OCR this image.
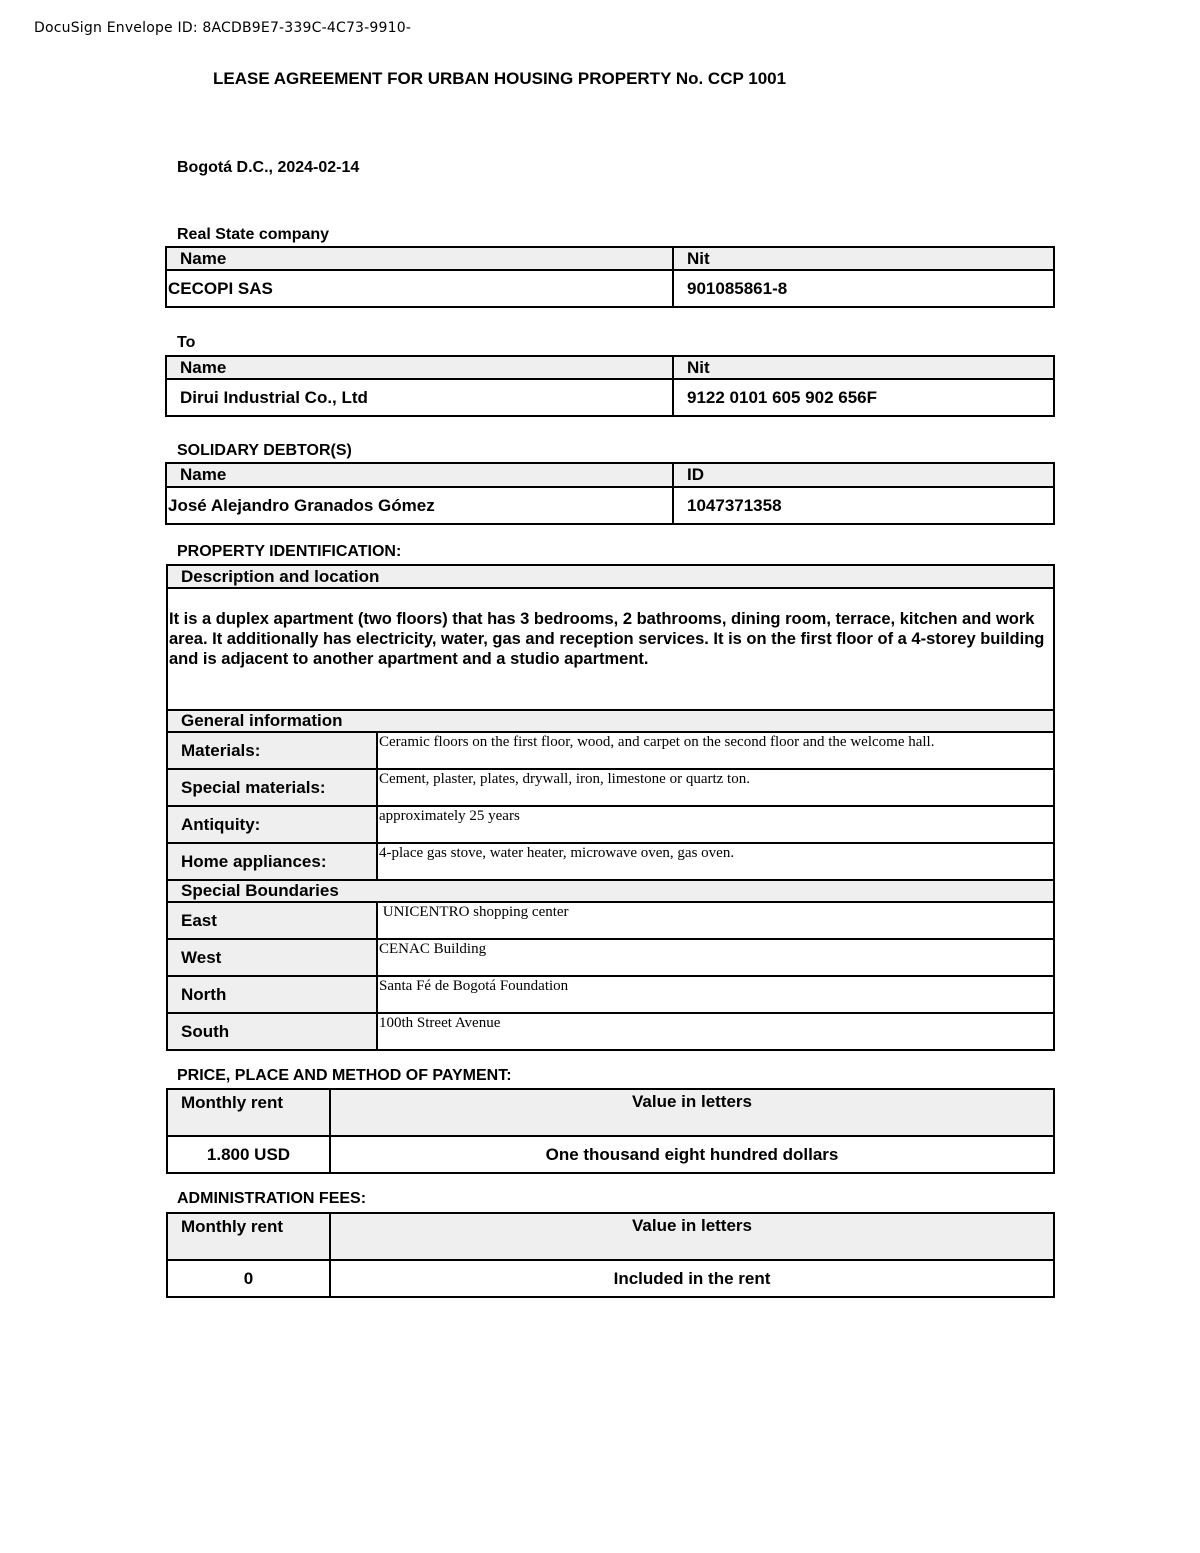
DocuSign Envelope ID: 8ACDB9E7-339C-4C73-9910-
LEASE AGREEMENT FOR URBAN HOUSING PROPERTY No. CCP 1001
Bogotá D.C., 2024-02-14
Real State company
Name	Nit
CECOPI SAS	901085861-8
To
Name	Nit
Dirui Industrial Co., Ltd	9122 0101 605 902 656F
SOLIDARY DEBTOR(S)
Name	ID
José Alejandro Granados Gómez	1047371358
PROPERTY IDENTIFICATION:
Description and location	
It is a duplex apartment (two floors) that has 3 bedrooms, 2 bathrooms, dining room, terrace, kitchen and work area. It additionally has electricity, water, gas and reception services. It is on the first floor of a 4-storey building and is adjacent to another apartment and a studio apartment.	
General information	
Materials:	Ceramic floors on the first floor, wood, and carpet on the second floor and the welcome hall.
Special materials:	Cement, plaster, plates, drywall, iron, limestone or quartz ton.
Antiquity:	approximately 25 years
Home appliances:	4-place gas stove, water heater, microwave oven, gas oven.
Special Boundaries	
East	UNICENTRO shopping center
West	CENAC Building
North	Santa Fé de Bogotá Foundation
South	100th Street Avenue
PRICE, PLACE AND METHOD OF PAYMENT:
Monthly rent	Value in letters
1.800 USD	One thousand eight hundred dollars
ADMINISTRATION FEES:
Monthly rent	Value in letters
0	Included in the rent
